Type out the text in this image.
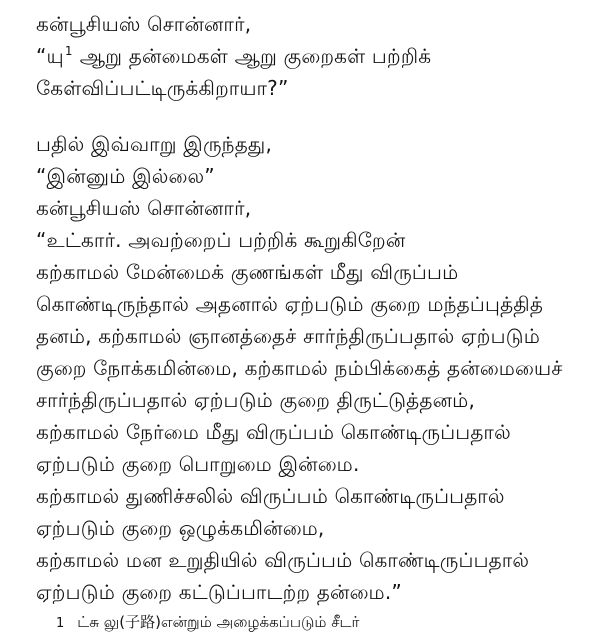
கன்பூசியஸ் சொன்னார்,
“யு$^1$ ஆறு தன்மைகள் ஆறு குறைகள் பற்றிக்
கேள்விப்பட்டிருக்கிறாயா?”
பதில் இவ்வாறு இருந்தது,
“இன்னும் இல்லை”
கன்பூசியஸ் சொன்னார்,
“உட்கார். அவற்றைப் பற்றிக் கூறுகிறேன்
கற்காமல் மேன்மைக் குணங்கள் மீது விருப்பம்
கொண்டிருந்தால் அதனால் ஏற்படும் குறை மந்தப்புத்தித்
தனம், கற்காமல் ஞானத்தைச் சார்ந்திருப்பதால் ஏற்படும்
குறை நோக்கமின்மை, கற்காமல் நம்பிக்கைத் தன்மையைச்
சார்ந்திருப்பதால் ஏற்படும் குறை திருட்டுத்தனம்,
கற்காமல் நேர்மை மீது விருப்பம் கொண்டிருப்பதால்
ஏற்படும் குறை பொறுமை இன்மை.
கற்காமல் துணிச்சலில் விருப்பம் கொண்டிருப்பதால்
ஏற்படும் குறை ஒழுக்கமின்மை,
கற்காமல் மன உறுதியில் விருப்பம் கொண்டிருப்பதால்
ஏற்படும் குறை கட்டுப்பாடற்ற தன்மை.”
1 ட்சு லு(子路)என்றும் அழைக்கப்படும் சீடர்
